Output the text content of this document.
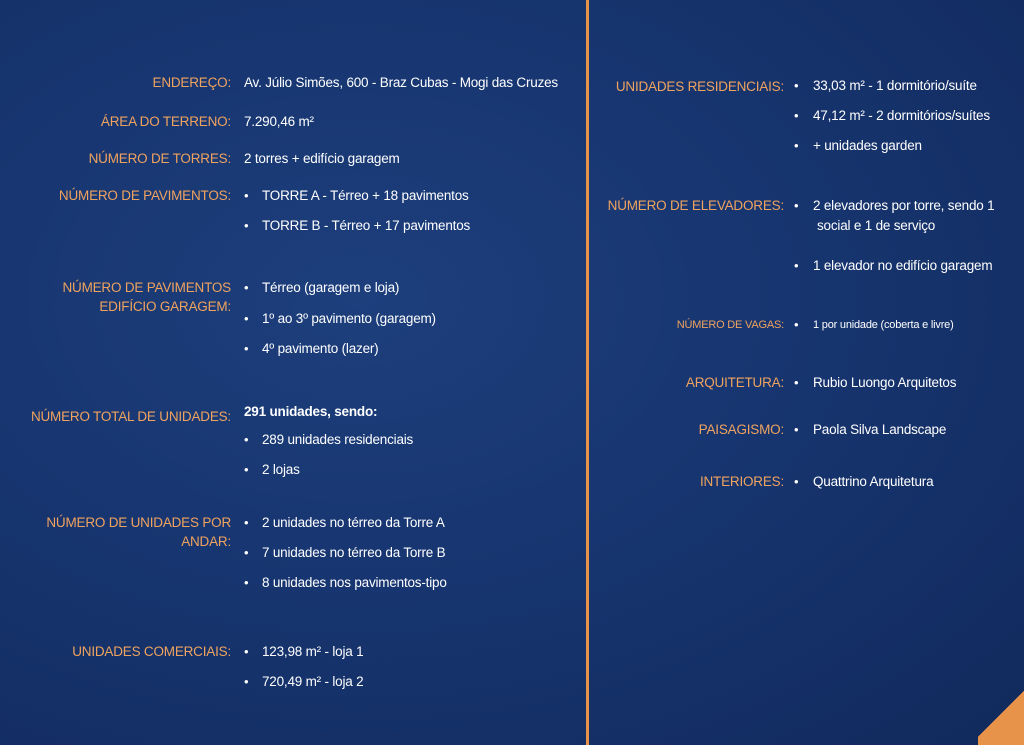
ENDEREÇO: Av. Júlio Simões, 600 - Braz Cubas - Mogi das Cruzes
ÁREA DO TERRENO: 7.290,46 m²
NÚMERO DE TORRES: 2 torres + edifício garagem
NÚMERO DE PAVIMENTOS: • TORRE A - Térreo + 18 pavimentos
• TORRE B - Térreo + 17 pavimentos
NÚMERO DE PAVIMENTOS
EDIFÍCIO GARAGEM:
• Térreo (garagem e loja)
• 1º ao 3º pavimento (garagem)
• 4º pavimento (lazer)
NÚMERO TOTAL DE UNIDADES: 291 unidades, sendo:
• 289 unidades residenciais
• 2 lojas
NÚMERO DE UNIDADES POR ANDAR:
• 2 unidades no térreo da Torre A
• 7 unidades no térreo da Torre B
• 8 unidades nos pavimentos-tipo
UNIDADES COMERCIAIS: • 123,98 m² - loja 1
• 720,49 m² - loja 2
UNIDADES RESIDENCIAIS: • 33,03 m² - 1 dormitório/suíte
• 47,12 m² - 2 dormitórios/suítes
• + unidades garden
NÚMERO DE ELEVADORES: • 2 elevadores por torre, sendo 1
social e 1 de serviço
• 1 elevador no edifício garagem
NÚMERO DE VAGAS: • 1 por unidade (coberta e livre)
ARQUITETURA: • Rubio Luongo Arquitetos
PAISAGISMO: • Paola Silva Landscape
INTERIORES: • Quattrino Arquitetura
